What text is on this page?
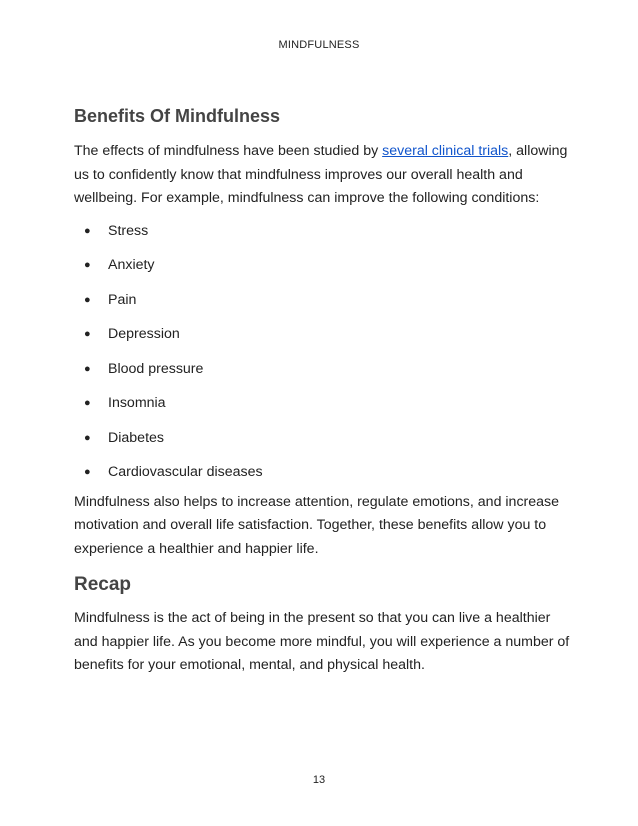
MINDFULNESS
Benefits Of Mindfulness

The effects of mindfulness have been studied by several clinical trials, allowing us to confidently know that mindfulness improves our overall health and wellbeing. For example, mindfulness can improve the following conditions:

●	Stress
●	Anxiety
●	Pain
●	Depression
●	Blood pressure
●	Insomnia
●	Diabetes
●	Cardiovascular diseases

Mindfulness also helps to increase attention, regulate emotions, and increase motivation and overall life satisfaction. Together, these benefits allow you to experience a healthier and happier life.

Recap

Mindfulness is the act of being in the present so that you can live a healthier and happier life. As you become more mindful, you will experience a number of benefits for your emotional, mental, and physical health.

13
